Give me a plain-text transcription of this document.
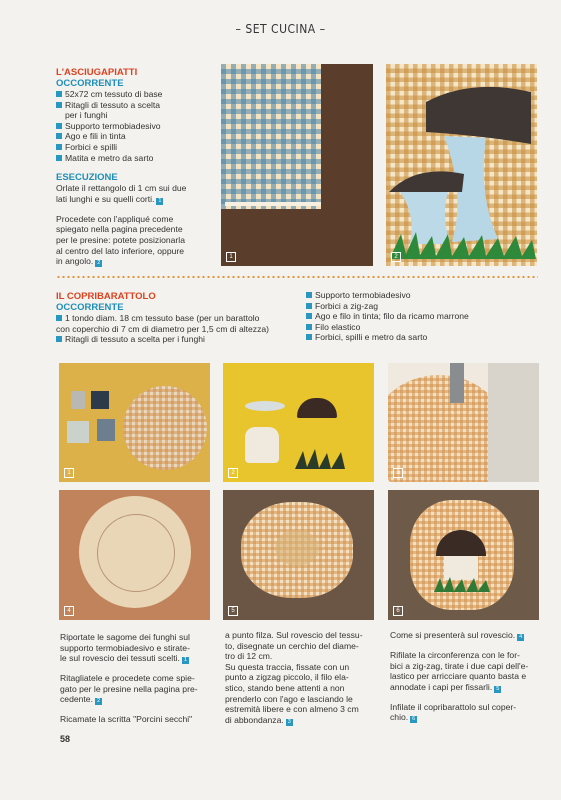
– SET CUCINA –
L'ASCIUGAPIATTI
OCCORRENTE
52x72 cm tessuto di base
Ritagli di tessuto a scelta
per i funghi
Supporto termobiadesivo
Ago e fili in tinta
Forbici e spilli
Matita e metro da sarto
ESECUZIONE
Orlate il rettangolo di 1 cm sui due
lati lunghi e su quelli corti. 1
Procedete con l'appliqué come
spiegato nella pagina precedente
per le presine: potete posizionarla
al centro del lato inferiore, oppure
in angolo. 2
1	2
IL COPRIBARATTOLO
OCCORRENTE
1 tondo diam. 18 cm tessuto base (per un barattolo
con coperchio di 7 cm di diametro per 1,5 cm di altezza)
Ritagli di tessuto a scelta per i funghi
Supporto termobiadesivo
Forbici a zig-zag
Ago e filo in tinta; filo da ricamo marrone
Filo elastico
Forbici, spilli e metro da sarto
1	2	3
4	5	6
Riportate le sagome dei funghi sul
supporto termobiadesivo e stirate-
le sul rovescio dei tessuti scelti. 1
Ritagliatele e procedete come spie-
gato per le presine nella pagina pre-
cedente. 2
Ricamate la scritta "Porcini secchi"
a punto filza. Sul rovescio del tessu-
to, disegnate un cerchio del diame-
tro di 12 cm.
Su questa traccia, fissate con un
punto a zigzag piccolo, il filo ela-
stico, stando bene attenti a non
prenderlo con l'ago e lasciando le
estremità libere e con almeno 3 cm
di abbondanza. 3
Come si presenterà sul rovescio. 4
Rifilate la circonferenza con le for-
bici a zig-zag, tirate i due capi dell'e-
lastico per arricciare quanto basta e
annodate i capi per fissarli. 5
Infilate il copribarattolo sul coper-
chio. 6
58
